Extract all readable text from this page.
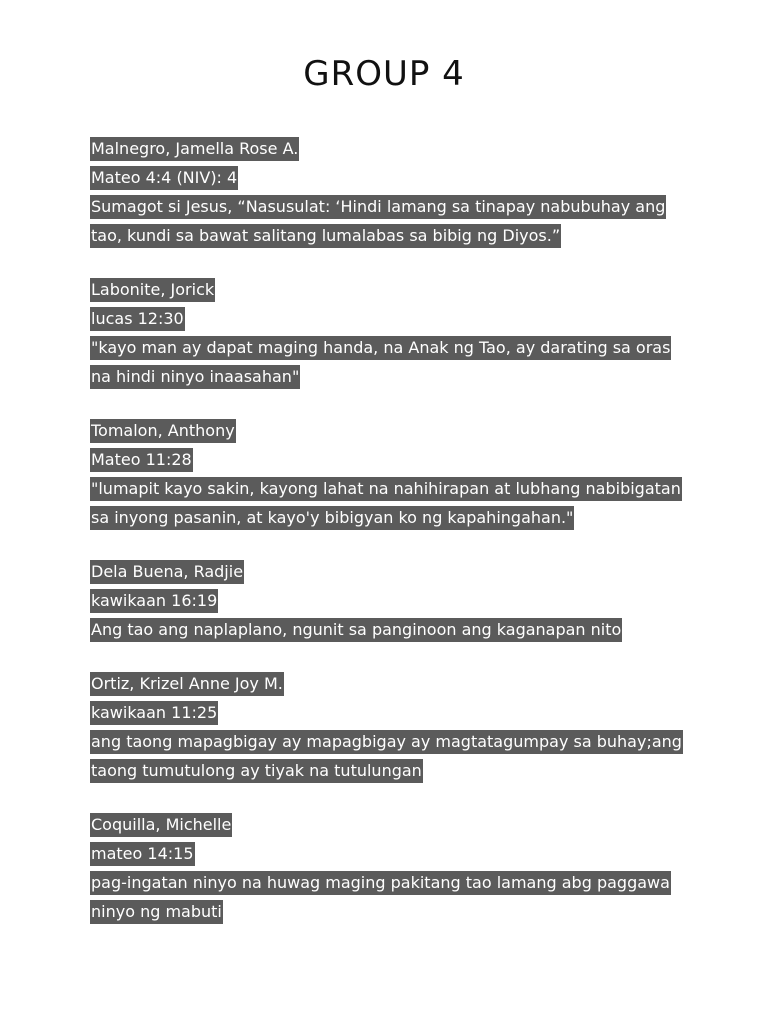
GROUP 4
Malnegro, Jamella Rose A.
Mateo 4:4 (NIV): 4
Sumagot si Jesus, “Nasusulat: ‘Hindi lamang sa tinapay nabubuhay ang
tao, kundi sa bawat salitang lumalabas sa bibig ng Diyos.”
Labonite, Jorick
lucas 12:30
"kayo man ay dapat maging handa, na Anak ng Tao, ay darating sa oras
na hindi ninyo inaasahan"
Tomalon, Anthony
Mateo 11:28
"lumapit kayo sakin, kayong lahat na nahihirapan at lubhang nabibigatan
sa inyong pasanin, at kayo'y bibigyan ko ng kapahingahan."
Dela Buena, Radjie
kawikaan 16:19
Ang tao ang naplaplano, ngunit sa panginoon ang kaganapan nito
Ortiz, Krizel Anne Joy M.
kawikaan 11:25
ang taong mapagbigay ay mapagbigay ay magtatagumpay sa buhay;ang
taong tumutulong ay tiyak na tutulungan
Coquilla, Michelle
mateo 14:15
pag-ingatan ninyo na huwag maging pakitang tao lamang abg paggawa
ninyo ng mabuti
